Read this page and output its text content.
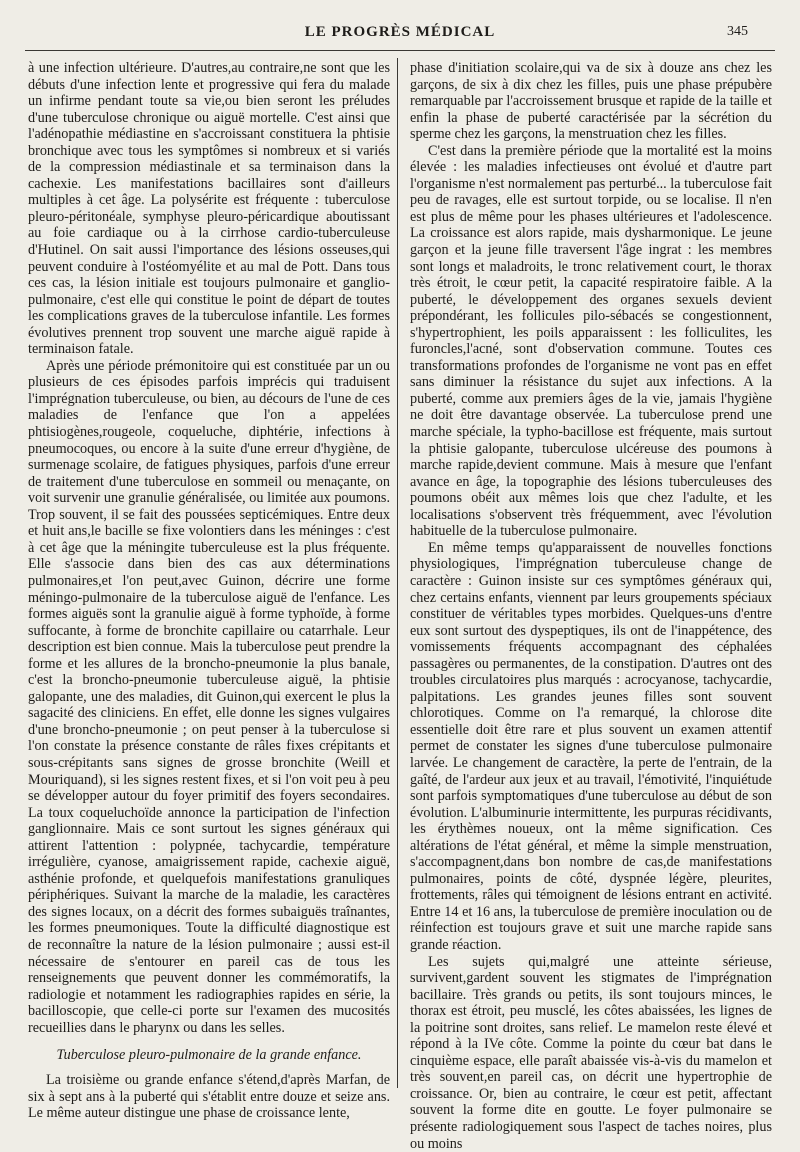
LE PROGRÈS MÉDICAL	345

à une infection ultérieure. D'autres,au contraire,ne sont que les débuts d'une infection lente et progressive qui fera du malade un infirme pendant toute sa vie,ou bien seront les préludes d'une tuberculose chronique ou aiguë mortelle. C'est ainsi que l'adénopathie médiastine en s'accroissant constituera la phtisie bronchique avec tous les symptômes si nombreux et si variés de la compression médiastinale et sa terminaison dans la cachexie. Les manifestations bacillaires sont d'ailleurs multiples à cet âge. La polysérite est fréquente : tuberculose pleuro-péritonéale, symphyse pleuro-péricardique aboutissant au foie cardiaque ou à la cirrhose cardio-tuberculeuse d'Hutinel. On sait aussi l'importance des lésions osseuses,qui peuvent conduire à l'ostéomyélite et au mal de Pott. Dans tous ces cas, la lésion initiale est toujours pulmonaire et ganglio-pulmonaire, c'est elle qui constitue le point de départ de toutes les complications graves de la tuberculose infantile. Les formes évolutives prennent trop souvent une marche aiguë rapide à terminaison fatale.

Après une période prémonitoire qui est constituée par un ou plusieurs de ces épisodes parfois imprécis qui traduisent l'imprégnation tuberculeuse, ou bien, au décours de l'une de ces maladies de l'enfance que l'on a appelées phtisiogènes,rougeole, coqueluche, diphtérie, infections à pneumocoques, ou encore à la suite d'une erreur d'hygiène, de surmenage scolaire, de fatigues physiques, parfois d'une erreur de traitement d'une tuberculose en sommeil ou menaçante, on voit survenir une granulie généralisée, ou limitée aux poumons. Trop souvent, il se fait des poussées septicémiques. Entre deux et huit ans,le bacille se fixe volontiers dans les méninges : c'est à cet âge que la méningite tuberculeuse est la plus fréquente. Elle s'associe dans bien des cas aux déterminations pulmonaires,et l'on peut,avec Guinon, décrire une forme méningo-pulmonaire de la tuberculose aiguë de l'enfance. Les formes aiguës sont la granulie aiguë à forme typhoïde, à forme suffocante, à forme de bronchite capillaire ou catarrhale. Leur description est bien connue. Mais la tuberculose peut prendre la forme et les allures de la broncho-pneumonie la plus banale, c'est la broncho-pneumonie tuberculeuse aiguë, la phtisie galopante, une des maladies, dit Guinon,qui exercent le plus la sagacité des cliniciens. En effet, elle donne les signes vulgaires d'une broncho-pneumonie ; on peut penser à la tuberculose si l'on constate la présence constante de râles fixes crépitants et sous-crépitants sans signes de grosse bronchite (Weill et Mouriquand), si les signes restent fixes, et si l'on voit peu à peu se développer autour du foyer primitif des foyers secondaires. La toux coqueluchoïde annonce la participation de l'infection ganglionnaire. Mais ce sont surtout les signes généraux qui attirent l'attention : polypnée, tachycardie, température irrégulière, cyanose, amaigrissement rapide, cachexie aiguë, asthénie profonde, et quelquefois manifestations granuliques périphériques. Suivant la marche de la maladie, les caractères des signes locaux, on a décrit des formes subaiguës traînantes, les formes pneumoniques. Toute la difficulté diagnostique est de reconnaître la nature de la lésion pulmonaire ; aussi est-il nécessaire de s'entourer en pareil cas de tous les renseignements que peuvent donner les commémoratifs, la radiologie et notamment les radiographies rapides en série, la bacilloscopie, que celle-ci porte sur l'examen des mucosités recueillies dans le pharynx ou dans les selles.

Tuberculose pleuro-pulmonaire de la grande enfance.

La troisième ou grande enfance s'étend,d'après Marfan, de six à sept ans à la puberté qui s'établit entre douze et seize ans. Le même auteur distingue une phase de croissance lente,

phase d'initiation scolaire,qui va de six à douze ans chez les garçons, de six à dix chez les filles, puis une phase prépubère remarquable par l'accroissement brusque et rapide de la taille et enfin la phase de puberté caractérisée par la sécrétion du sperme chez les garçons, la menstruation chez les filles.

C'est dans la première période que la mortalité est la moins élevée : les maladies infectieuses ont évolué et d'autre part l'organisme n'est normalement pas perturbé... la tuberculose fait peu de ravages, elle est surtout torpide, ou se localise. Il n'en est plus de même pour les phases ultérieures et l'adolescence. La croissance est alors rapide, mais dysharmonique. Le jeune garçon et la jeune fille traversent l'âge ingrat : les membres sont longs et maladroits, le tronc relativement court, le thorax très étroit, le cœur petit, la capacité respiratoire faible. A la puberté, le développement des organes sexuels devient prépondérant, les follicules pilo-sébacés se congestionnent, s'hypertrophient, les poils apparaissent : les folliculites, les furoncles,l'acné, sont d'observation commune. Toutes ces transformations profondes de l'organisme ne vont pas en effet sans diminuer la résistance du sujet aux infections. A la puberté, comme aux premiers âges de la vie, jamais l'hygiène ne doit être davantage observée. La tuberculose prend une marche spéciale, la typho-bacillose est fréquente, mais surtout la phtisie galopante, tuberculose ulcéreuse des poumons à marche rapide,devient commune. Mais à mesure que l'enfant avance en âge, la topographie des lésions tuberculeuses des poumons obéit aux mêmes lois que chez l'adulte, et les localisations s'observent très fréquemment, avec l'évolution habituelle de la tuberculose pulmonaire.

En même temps qu'apparaissent de nouvelles fonctions physiologiques, l'imprégnation tuberculeuse change de caractère : Guinon insiste sur ces symptômes généraux qui, chez certains enfants, viennent par leurs groupements spéciaux constituer de véritables types morbides. Quelques-uns d'entre eux sont surtout des dyspeptiques, ils ont de l'inappétence, des vomissements fréquents accompagnant des céphalées passagères ou permanentes, de la constipation. D'autres ont des troubles circulatoires plus marqués : acrocyanose, tachycardie, palpitations. Les grandes jeunes filles sont souvent chlorotiques. Comme on l'a remarqué, la chlorose dite essentielle doit être rare et plus souvent un examen attentif permet de constater les signes d'une tuberculose pulmonaire larvée. Le changement de caractère, la perte de l'entrain, de la gaîté, de l'ardeur aux jeux et au travail, l'émotivité, l'inquiétude sont parfois symptomatiques d'une tuberculose au début de son évolution. L'albuminurie intermittente, les purpuras récidivants, les érythèmes noueux, ont la même signification. Ces altérations de l'état général, et même la simple menstruation, s'accompagnent,dans bon nombre de cas,de manifestations pulmonaires, points de côté, dyspnée légère, pleurites, frottements, râles qui témoignent de lésions entrant en activité. Entre 14 et 16 ans, la tuberculose de première inoculation ou de réinfection est toujours grave et suit une marche rapide sans grande réaction.

Les sujets qui,malgré une atteinte sérieuse, survivent,gardent souvent les stigmates de l'imprégnation bacillaire. Très grands ou petits, ils sont toujours minces, le thorax est étroit, peu musclé, les côtes abaissées, les lignes de la poitrine sont droites, sans relief. Le mamelon reste élevé et répond à la IVe côte. Comme la pointe du cœur bat dans le cinquième espace, elle paraît abaissée vis-à-vis du mamelon et très souvent,en pareil cas, on décrit une hypertrophie de croissance. Or, bien au contraire, le cœur est petit, affectant souvent la forme dite en goutte. Le foyer pulmonaire se présente radiologiquement sous l'aspect de taches noires, plus ou moins
